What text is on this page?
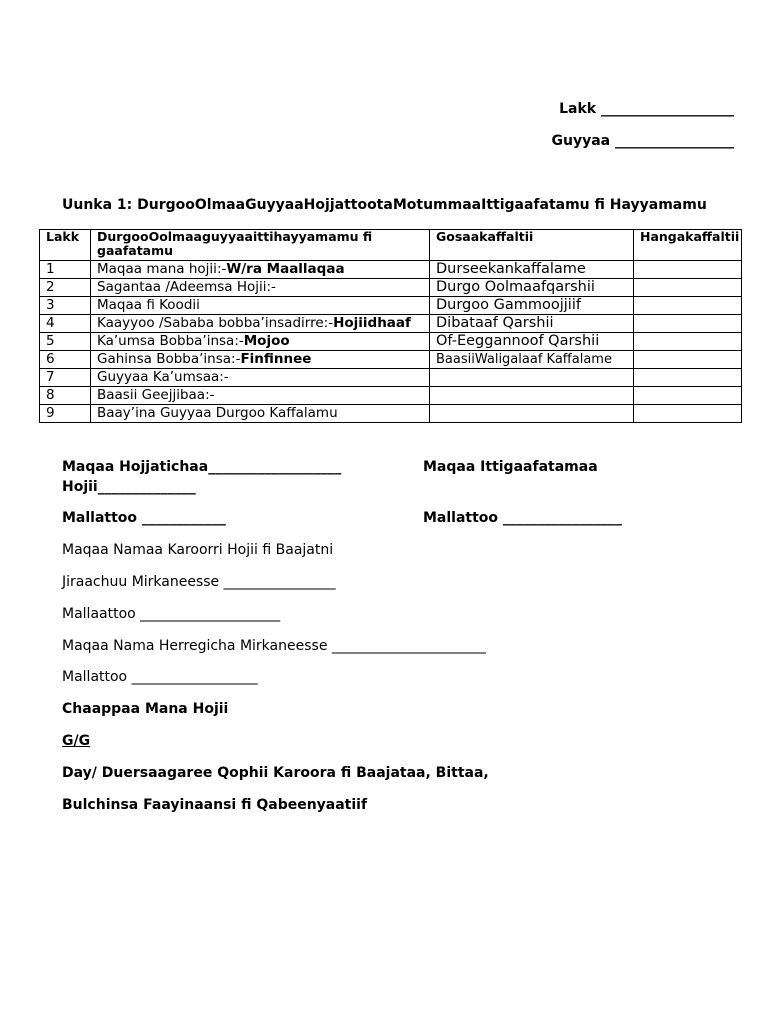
Lakk ___________________
Guyyaa _________________
Uunka 1: DurgooOlmaaGuyyaaHojjattootaMotummaaIttigaafatamu fi Hayyamamu
Lakk	DurgooOolmaaguyyaaittihayyamamu fi gaafatamu	Gosaakaffaltii	Hangakaffaltii
1	Maqaa mana hojii:-W/ra Maallaqaa	Durseekankaffalame	
2	Sagantaa /Adeemsa Hojii:-	Durgo Oolmaafqarshii	
3	Maqaa fi Koodii	Durgoo Gammoojjiif	
4	Kaayyoo /Sababa bobba’insadirre:-Hojiidhaaf	Dibataaf Qarshii	
5	Ka’umsa Bobba’insa:-Mojoo	Of-Eeggannoof Qarshii	
6	Gahinsa Bobba’insa:-Finfinnee	BaasiiWaligalaaf Kaffalame	
7	Guyyaa Ka’umsaa:-		
8	Baasii Geejjibaa:-		
9	Baay’ina Guyyaa Durgoo Kaffalamu		
Maqaa Hojjatichaa___________________
Hojii______________
Maqaa Ittigaafatamaa
Mallattoo ____________	Mallattoo _________________
Maqaa Namaa Karoorri Hojii fi Baajatni
Jiraachuu Mirkaneesse ________________
Mallaattoo ____________________
Maqaa Nama Herregicha Mirkaneesse ______________________
Mallattoo __________________
Chaappaa Mana Hojii
G/G
Day/ Duersaagaree Qophii Karoora fi Baajataa, Bittaa,
Bulchinsa Faayinaansi fi Qabeenyaatiif
